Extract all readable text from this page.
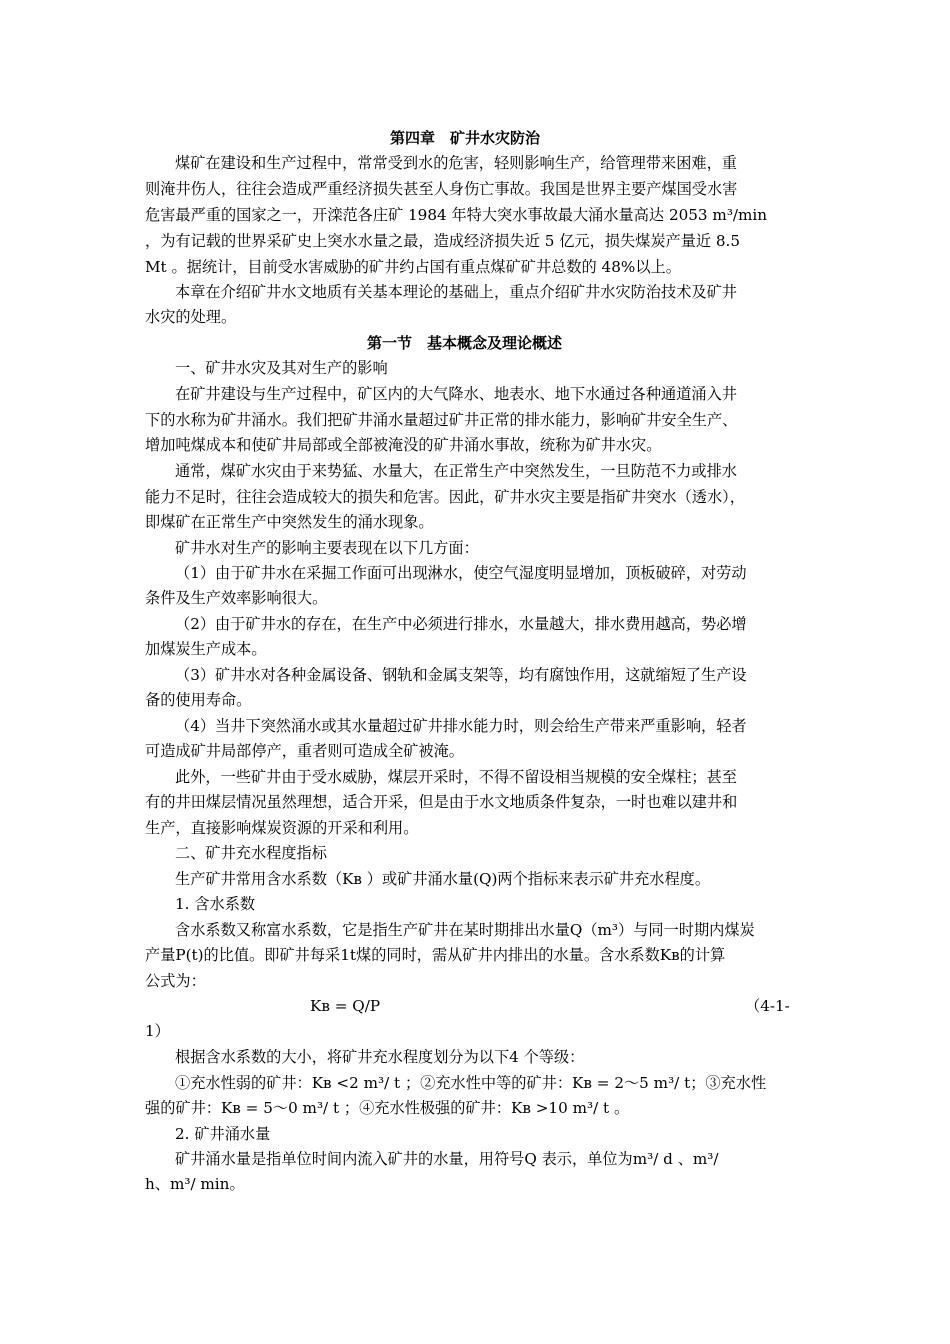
第四章　矿井水灾防治
煤矿在建设和生产过程中，常常受到水的危害，轻则影响生产，给管理带来困难，重
则淹井伤人，往往会造成严重经济损失甚至人身伤亡事故。我国是世界主要产煤国受水害
危害最严重的国家之一，开滦范各庄矿 1984 年特大突水事故最大涌水量高达 2053 m³/min
，为有记载的世界采矿史上突水水量之最，造成经济损失近 5 亿元，损失煤炭产量近 8.5
Mt 。据统计，目前受水害威胁的矿井约占国有重点煤矿矿井总数的 48%以上。
本章在介绍矿井水文地质有关基本理论的基础上，重点介绍矿井水灾防治技术及矿井
水灾的处理。
第一节　基本概念及理论概述
一、矿井水灾及其对生产的影响
在矿井建设与生产过程中，矿区内的大气降水、地表水、地下水通过各种通道涌入井
下的水称为矿井涌水。我们把矿井涌水量超过矿井正常的排水能力，影响矿井安全生产、
增加吨煤成本和使矿井局部或全部被淹没的矿井涌水事故，统称为矿井水灾。
通常，煤矿水灾由于来势猛、水量大，在正常生产中突然发生，一旦防范不力或排水
能力不足时，往往会造成较大的损失和危害。因此，矿井水灾主要是指矿井突水（透水），
即煤矿在正常生产中突然发生的涌水现象。
矿井水对生产的影响主要表现在以下几方面：
（1）由于矿井水在采掘工作面可出现淋水，使空气湿度明显增加，顶板破碎，对劳动
条件及生产效率影响很大。
（2）由于矿井水的存在，在生产中必须进行排水，水量越大，排水费用越高，势必增
加煤炭生产成本。
（3）矿井水对各种金属设备、钢轨和金属支架等，均有腐蚀作用，这就缩短了生产设
备的使用寿命。
（4）当井下突然涌水或其水量超过矿井排水能力时，则会给生产带来严重影响，轻者
可造成矿井局部停产，重者则可造成全矿被淹。
此外，一些矿井由于受水威胁，煤层开采时，不得不留设相当规模的安全煤柱；甚至
有的井田煤层情况虽然理想，适合开采，但是由于水文地质条件复杂，一时也难以建井和
生产，直接影响煤炭资源的开采和利用。
二、矿井充水程度指标
生产矿井常用含水系数（Kʙ ）或矿井涌水量(Q)两个指标来表示矿井充水程度。
1. 含水系数
含水系数又称富水系数，它是指生产矿井在某时期排出水量Q（m³）与同一时期内煤炭
产量P(t)的比值。即矿井每采1t煤的同时，需从矿井内排出的水量。含水系数Kʙ的计算
公式为：
Kʙ = Q/P	（4-1-
1）
根据含水系数的大小，将矿井充水程度划分为以下4 个等级：
①充水性弱的矿井：Kʙ <2 m³/ t ；②充水性中等的矿井：Kʙ = 2～5 m³/ t；③充水性
强的矿井：Kʙ = 5～0 m³/ t ；④充水性极强的矿井：Kʙ >10 m³/ t 。
2. 矿井涌水量
矿井涌水量是指单位时间内流入矿井的水量，用符号Q 表示，单位为m³/ d 、m³/
h、m³/ min。
